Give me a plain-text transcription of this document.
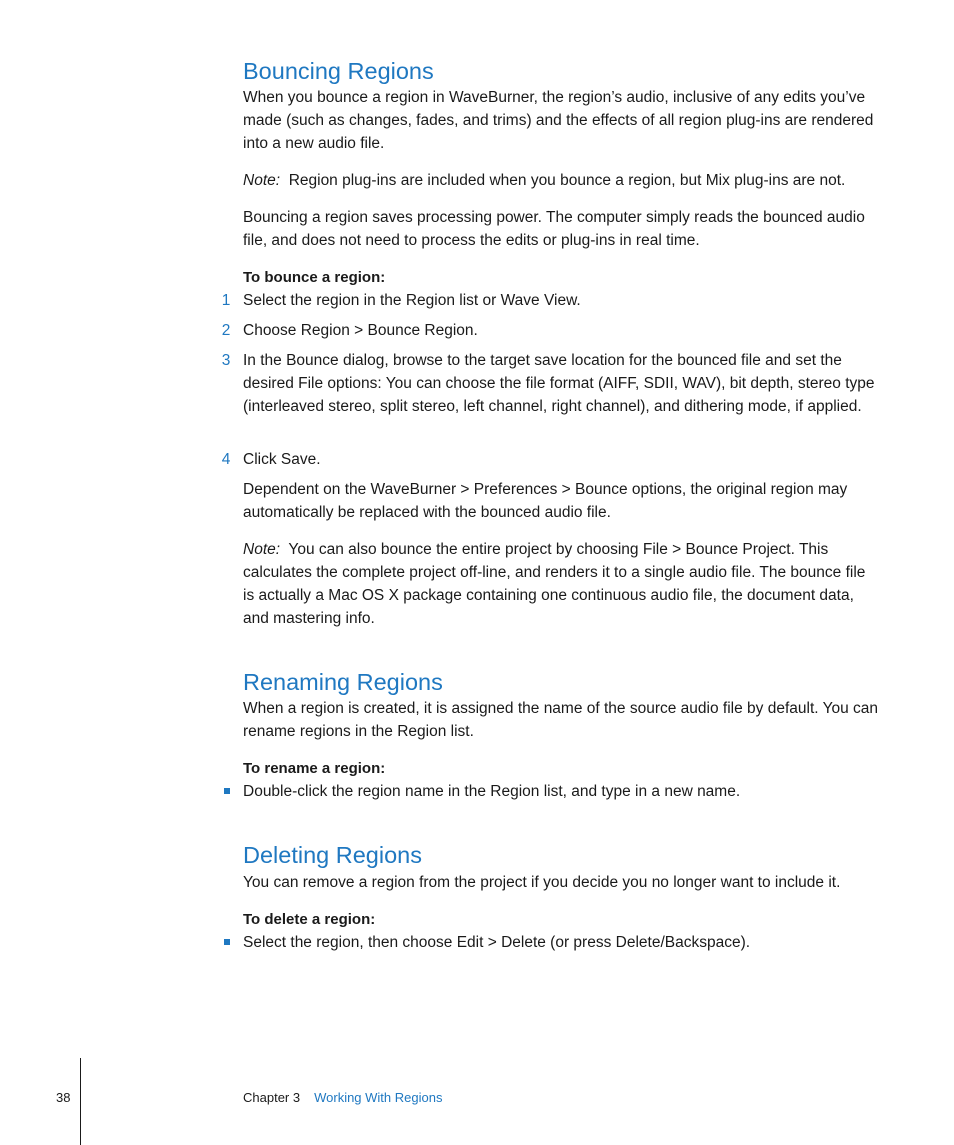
Bouncing Regions

When you bounce a region in WaveBurner, the region’s audio, inclusive of any edits you’ve made (such as changes, fades, and trims) and the effects of all region plug-ins are rendered into a new audio file.

Note: Region plug-ins are included when you bounce a region, but Mix plug-ins are not.

Bouncing a region saves processing power. The computer simply reads the bounced audio file, and does not need to process the edits or plug-ins in real time.

To bounce a region:

1 Select the region in the Region list or Wave View.

2 Choose Region > Bounce Region.

3 In the Bounce dialog, browse to the target save location for the bounced file and set the desired File options: You can choose the file format (AIFF, SDII, WAV), bit depth, stereo type (interleaved stereo, split stereo, left channel, right channel), and dithering mode, if applied.

4 Click Save.

Dependent on the WaveBurner > Preferences > Bounce options, the original region may automatically be replaced with the bounced audio file.

Note: You can also bounce the entire project by choosing File > Bounce Project. This calculates the complete project off-line, and renders it to a single audio file. The bounce file is actually a Mac OS X package containing one continuous audio file, the document data, and mastering info.

Renaming Regions

When a region is created, it is assigned the name of the source audio file by default. You can rename regions in the Region list.

To rename a region:

Double-click the region name in the Region list, and type in a new name.

Deleting Regions

You can remove a region from the project if you decide you no longer want to include it.

To delete a region:

Select the region, then choose Edit > Delete (or press Delete/Backspace).

38	Chapter 3 Working With Regions
